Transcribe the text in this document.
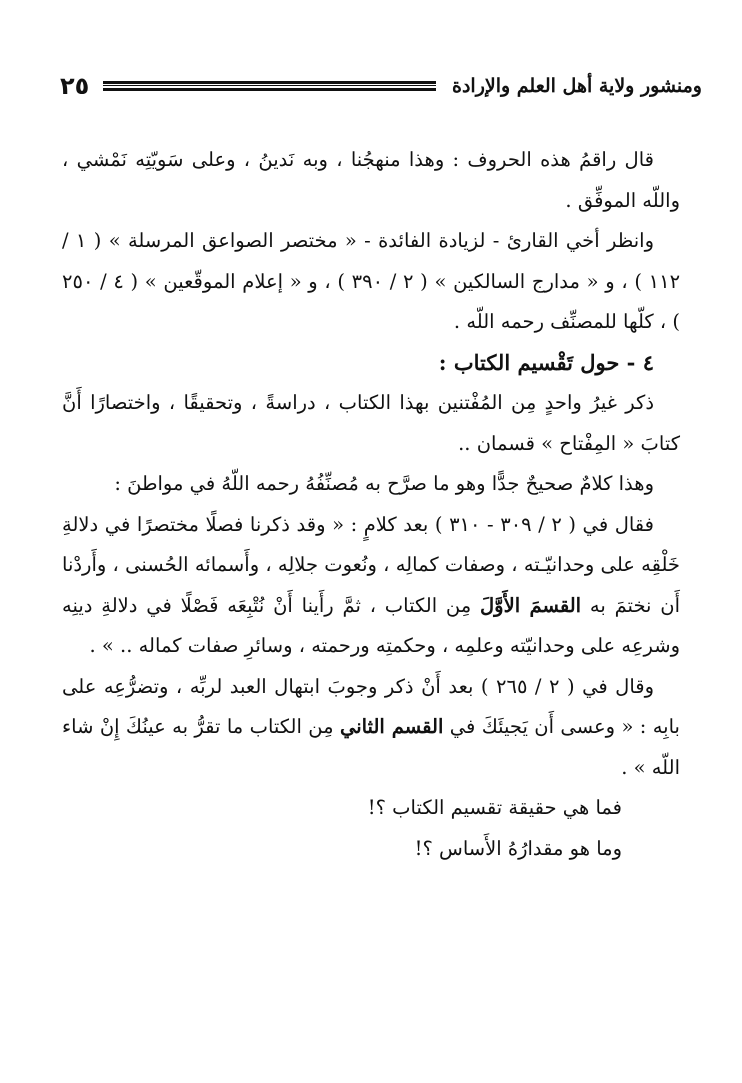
ومنشور ولاية أهل العلم والإرادة
٢٥
قال راقمُ هذه الحروف : وهذا منهجُنا ، وبه نَدينُ ، وعلى سَويّتِه نَمْشي ، واللّه الموفِّق .
وانظر أخي القارئ - لزيادة الفائدة - « مختصر الصواعق المرسلة » ( ١ / ١١٢ ) ، و « مدارج السالكين » ( ٢ / ٣٩٠ ) ، و « إعلام الموقّعين » ( ٤ / ٢٥٠ ) ، كلّها للمصنِّف رحمه اللّه .
٤ - حول تَقْسيم الكتاب :
ذكر غيرُ واحدٍ مِن المُفْتنين بهذا الكتاب ، دراسةً ، وتحقيقًا ، واختصارًا أَنَّ كتابَ « المِفْتاح » قسمان ..
وهذا كلامٌ صحيحٌ جدًّا وهو ما صرَّح به مُصنِّفُهُ رحمه اللّهُ في مواطنَ :
فقال في ( ٢ / ٣٠٩ - ٣١٠ ) بعد كلامٍ : « وقد ذكرنا فصلًا مختصرًا في دلالةِ خَلْقِه على وحدانيّـته ، وصفات كمالِه ، ونُعوت جلالِه ، وأَسمائه الحُسنى ، وأَردْنا أَن نختمَ به القسمَ الأَوَّلَ مِن الكتاب ، ثمَّ رأَينا أَنْ نُتْبِعَه فَصْلًا في دلالةِ دينِه وشرعِه على وحدانيّته وعلمِه ، وحكمتِه ورحمته ، وسائرِ صفات كماله .. » .
وقال في ( ٢ / ٢٦٥ ) بعد أَنْ ذكر وجوبَ ابتهال العبد لربِّه ، وتضرُّعِه على بابِه : « وعسى أَن يَجيئَكَ في القسم الثاني مِن الكتاب ما تقرُّ به عينُكَ إِنْ شاء اللّه » .
فما هي حقيقة تقسيم الكتاب ؟!
وما هو مقدارُهُ الأَساس ؟!
